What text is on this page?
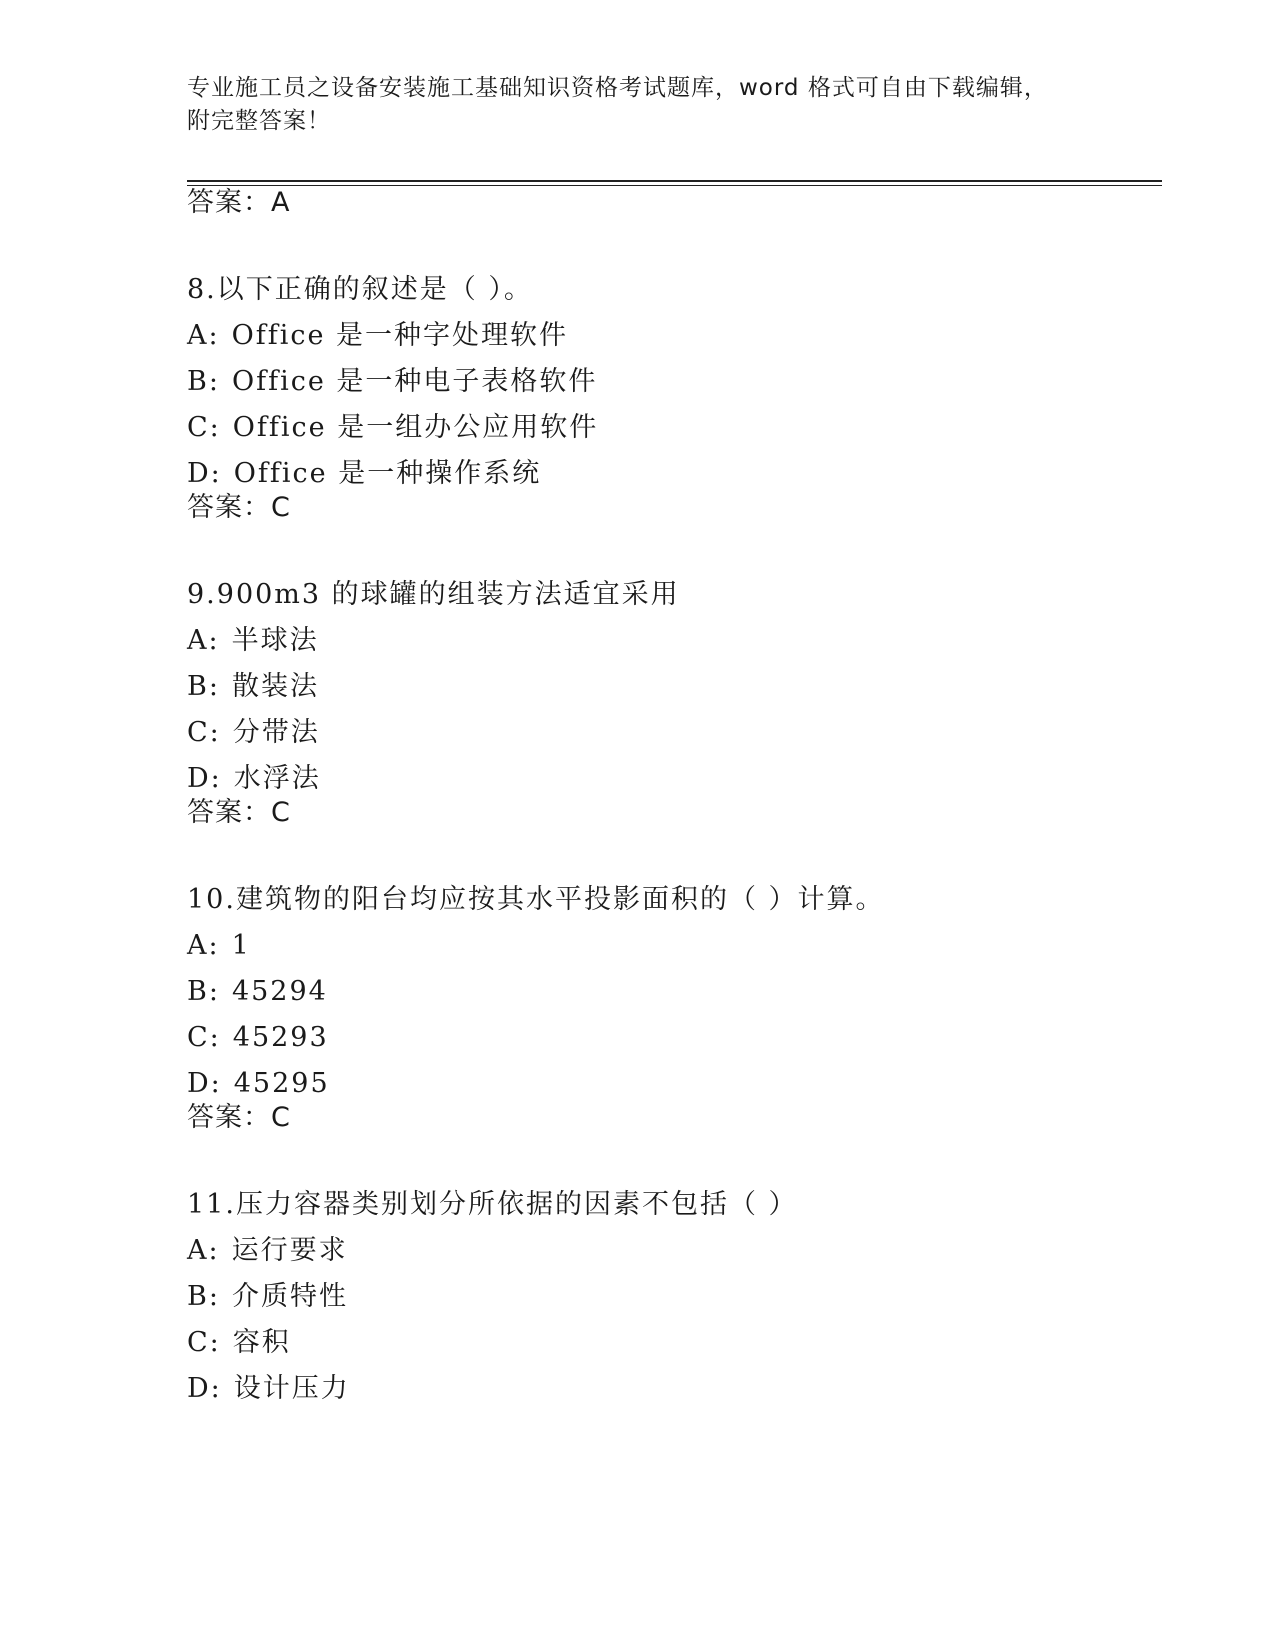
专业施工员之设备安装施工基础知识资格考试题库，word 格式可自由下载编辑，
附完整答案！
答案：A
8.以下正确的叙述是（ ）。
A: Office 是一种字处理软件
B: Office 是一种电子表格软件
C: Office 是一组办公应用软件
D: Office 是一种操作系统
答案：C
9.900m3 的球罐的组装方法适宜采用
A: 半球法
B: 散装法
C: 分带法
D: 水浮法
答案：C
10.建筑物的阳台均应按其水平投影面积的（ ）计算。
A: 1
B: 45294
C: 45293
D: 45295
答案：C
11.压力容器类别划分所依据的因素不包括（ ）
A: 运行要求
B: 介质特性
C: 容积
D: 设计压力
